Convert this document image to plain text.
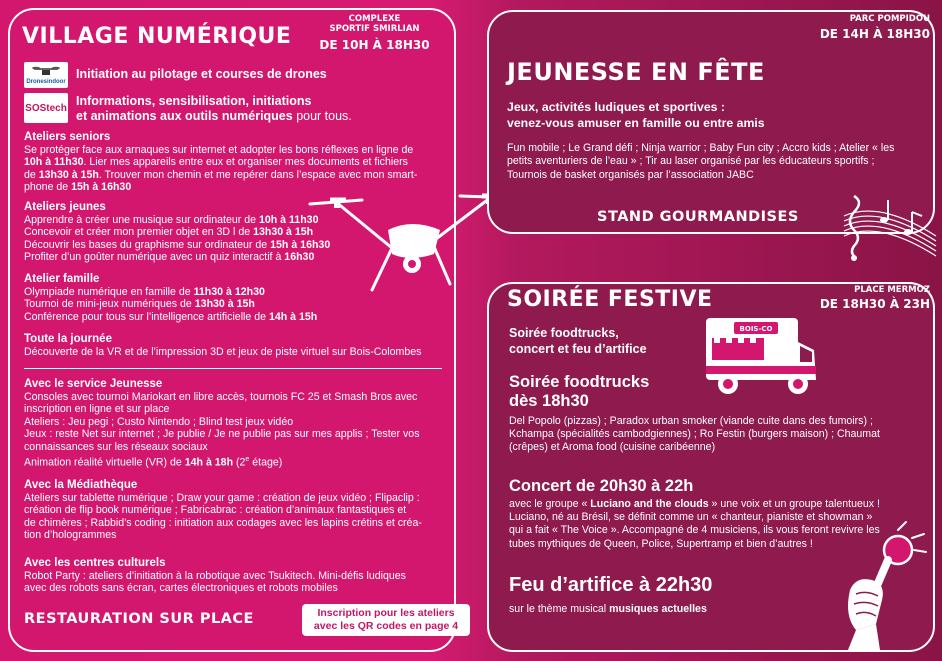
VILLAGE NUMÉRIQUE
COMPLEXE
SPORTIF SMIRLIAN
DE 10H À 18H30
Dronesindoor
SOStech
Initiation au pilotage et courses de drones
Informations, sensibilisation, initiations
et animations aux outils numériques pour tous.
Ateliers seniors
Se protéger face aux arnaques sur internet et adopter les bons réflexes en ligne de
10h à 11h30. Lier mes appareils entre eux et organiser mes documents et fichiers
de 13h30 à 15h. Trouver mon chemin et me repérer dans l’espace avec mon smart-
phone de 15h à 16h30
Ateliers jeunes
Apprendre à créer une musique sur ordinateur de 10h à 11h30
Concevoir et créer mon premier objet en 3D l de 13h30 à 15h
Découvrir les bases du graphisme sur ordinateur de 15h à 16h30
Profiter d’un goûter numérique avec un quiz interactif à 16h30
Atelier famille
Olympiade numérique en famille de 11h30 à 12h30
Tournoi de mini-jeux numériques de 13h30 à 15h
Conférence pour tous sur l’intelligence artificielle de 14h à 15h
Toute la journée
Découverte de la VR et de l’impression 3D et jeux de piste virtuel sur Bois-Colombes
Avec le service Jeunesse
Consoles avec tournoi Mariokart en libre accès, tournois FC 25 et Smash Bros avec
inscription en ligne et sur place
Ateliers : Jeu pegi ; Custo Nintendo ; Blind test jeux vidéo
Jeux : reste Net sur internet ; Je publie / Je ne publie pas sur mes applis ; Tester vos
connaissances sur les réseaux sociaux
Animation réalité virtuelle (VR) de 14h à 18h (2e étage)
Avec la Médiathèque
Ateliers sur tablette numérique ; Draw your game : création de jeux vidéo ; Flipaclip :
création de flip book numérique ; Fabricabrac : création d’animaux fantastiques et
de chimères ; Rabbid’s coding : initiation aux codages avec les lapins crétins et créa-
tion d’hologrammes
Avec les centres culturels
Robot Party : ateliers d’initiation à la robotique avec Tsukitech. Mini-défis ludiques
avec des robots sans écran, cartes électroniques et robots mobiles
RESTAURATION SUR PLACE	Inscription pour les ateliers
avec les QR codes en page 4
PARC POMPIDOU
DE 14H À 18H30
JEUNESSE EN FÊTE
Jeux, activités ludiques et sportives :
venez-vous amuser en famille ou entre amis
Fun mobile ; Le Grand défi ; Ninja warrior ; Baby Fun city ; Accro kids ; Atelier « les
petits aventuriers de l’eau » ; Tir au laser organisé par les éducateurs sportifs ;
Tournois de basket organisés par l’association JABC
STAND GOURMANDISES
SOIRÉE FESTIVE	PLACE MERMOZ
DE 18H30 À 23H
Soirée foodtrucks,
concert et feu d’artifice
BOIS-CO
Soirée foodtrucks
dès 18h30
Del Popolo (pizzas) ; Paradox urban smoker (viande cuite dans des fumoirs) ;
Kchampa (spécialités cambodgiennes) ; Ro Festin (burgers maison) ; Chaumat
(crêpes) et Aroma food (cuisine caribéenne)
Concert de 20h30 à 22h
avec le groupe « Luciano and the clouds » une voix et un groupe talentueux !
Luciano, né au Brésil, se définit comme un « chanteur, pianiste et showman »
qui a fait « The Voice ». Accompagné de 4 musiciens, ils vous feront revivre les
tubes mythiques de Queen, Police, Supertramp et bien d’autres !
Feu d’artifice à 22h30
sur le thème musical musiques actuelles
